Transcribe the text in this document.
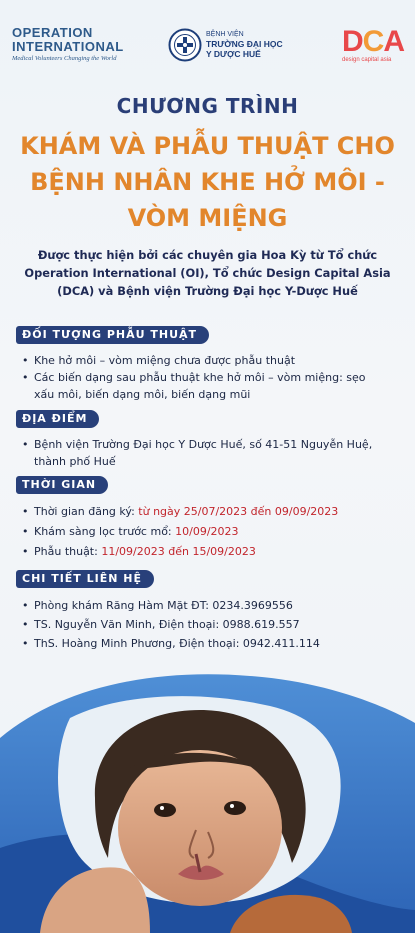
OPERATION
INTERNATIONAL
Medical Volunteers Changing the World
BỆNH VIỆN
TRƯỜNG ĐẠI HỌC
Y DƯỢC HUẾ	DCA
design capital asia
CHƯƠNG TRÌNH
KHÁM VÀ PHẪU THUẬT CHO
BỆNH NHÂN KHE HỞ MÔI -
VÒM MIỆNG
Được thực hiện bởi các chuyên gia Hoa Kỳ từ Tổ chức
Operation International (OI), Tổ chức Design Capital Asia
(DCA) và Bệnh viện Trường Đại học Y-Dược Huế
ĐỐI TƯỢNG PHẪU THUẬT
• Khe hở môi – vòm miệng chưa được phẫu thuật
• Các biến dạng sau phẫu thuật khe hở môi – vòm miệng: sẹo
xấu môi, biến dạng môi, biến dạng mũi
ĐỊA ĐIỂM
• Bệnh viện Trường Đại học Y Dược Huế, số 41-51 Nguyễn Huệ,
thành phố Huế
THỜI GIAN
• Thời gian đăng ký: từ ngày 25/07/2023 đến 09/09/2023
• Khám sàng lọc trước mổ: 10/09/2023
• Phẫu thuật: 11/09/2023 đến 15/09/2023
CHI TIẾT LIÊN HỆ
• Phòng khám Răng Hàm Mặt ĐT: 0234.3969556
• TS. Nguyễn Văn Minh, Điện thoại: 0988.619.557
• ThS. Hoàng Minh Phương, Điện thoại: 0942.411.114
